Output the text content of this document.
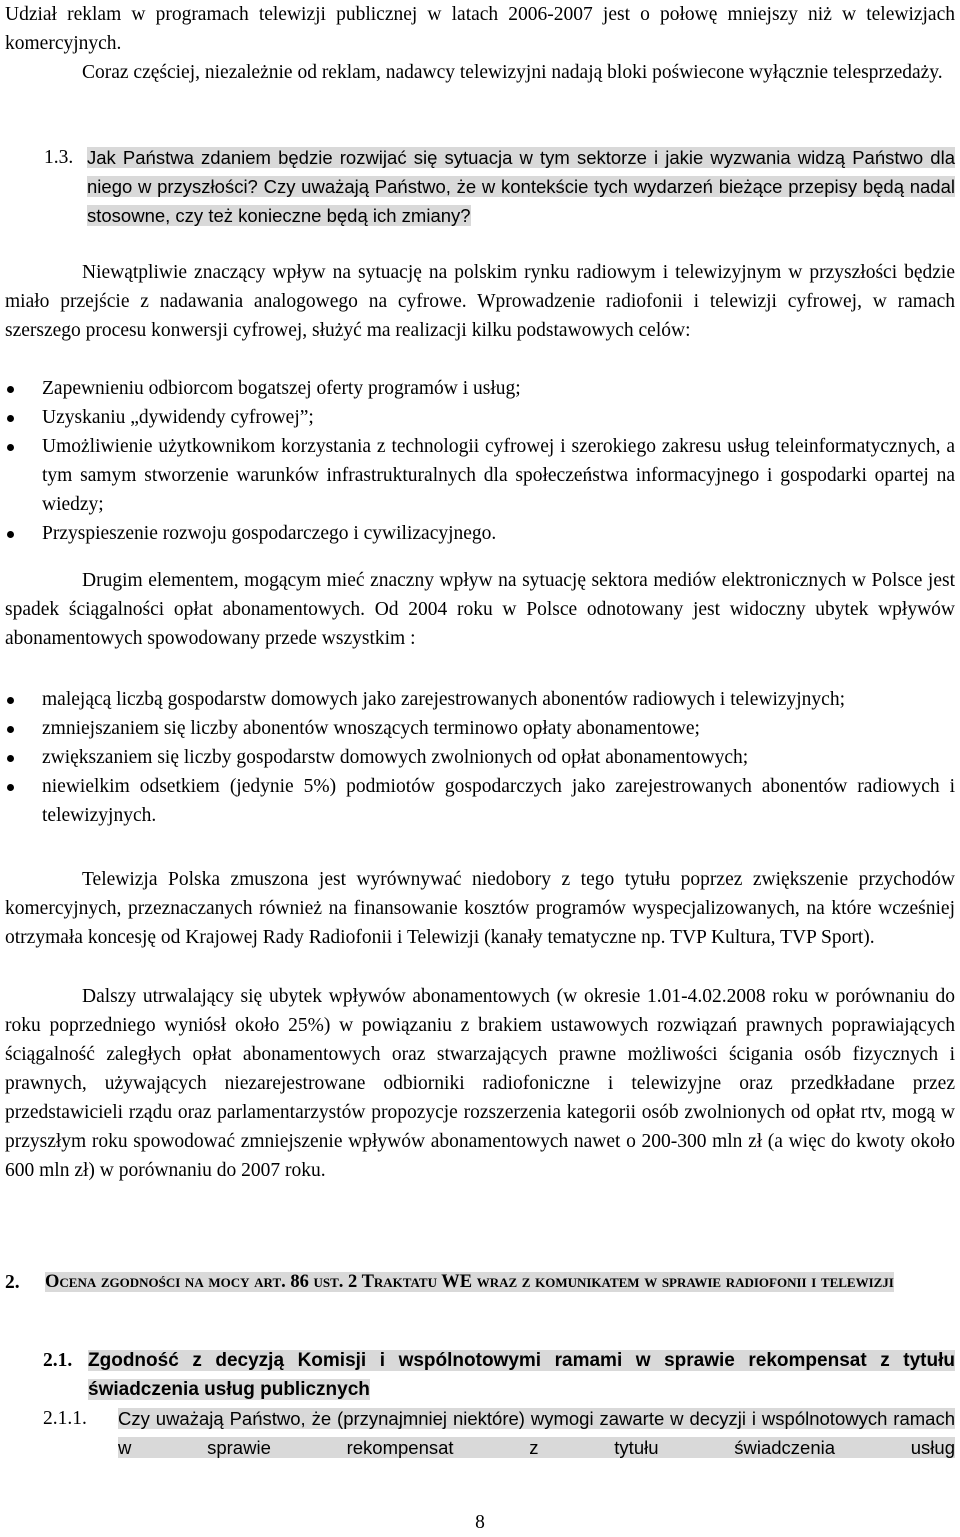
Udział reklam w programach telewizji publicznej w latach 2006-2007 jest o połowę mniejszy niż w telewizjach komercyjnych.
Coraz częściej, niezależnie od reklam, nadawcy telewizyjni nadają bloki poświecone wyłącznie telesprzedaży.
1.3. Jak Państwa zdaniem będzie rozwijać się sytuacja w tym sektorze i jakie wyzwania widzą Państwo dla niego w przyszłości? Czy uważają Państwo, że w kontekście tych wydarzeń bieżące przepisy będą nadal stosowne, czy też konieczne będą ich zmiany?
Niewątpliwie znaczący wpływ na sytuację na polskim rynku radiowym i telewizyjnym w przyszłości będzie miało przejście z nadawania analogowego na cyfrowe. Wprowadzenie radiofonii i telewizji cyfrowej, w ramach szerszego procesu konwersji cyfrowej, służyć ma realizacji kilku podstawowych celów:
Zapewnieniu odbiorcom bogatszej oferty programów i usług;
Uzyskaniu „dywidendy cyfrowej”;
Umożliwienie użytkownikom korzystania z technologii cyfrowej i szerokiego zakresu usług teleinformatycznych, a tym samym stworzenie warunków infrastrukturalnych dla społeczeństwa informacyjnego i gospodarki opartej na wiedzy;
Przyspieszenie rozwoju gospodarczego i cywilizacyjnego.
Drugim elementem, mogącym mieć znaczny wpływ na sytuację sektora mediów elektronicznych w Polsce jest spadek ściągalności opłat abonamentowych. Od 2004 roku w Polsce odnotowany jest widoczny ubytek wpływów abonamentowych spowodowany przede wszystkim :
malejącą liczbą gospodarstw domowych jako zarejestrowanych abonentów radiowych i telewizyjnych;
zmniejszaniem się liczby abonentów wnoszących terminowo opłaty abonamentowe;
zwiększaniem się liczby gospodarstw domowych zwolnionych od opłat abonamentowych;
niewielkim odsetkiem (jedynie 5%) podmiotów gospodarczych jako zarejestrowanych abonentów radiowych i telewizyjnych.
Telewizja Polska zmuszona jest wyrównywać niedobory z tego tytułu poprzez zwiększenie przychodów komercyjnych, przeznaczanych również na finansowanie kosztów programów wyspecjalizowanych, na które wcześniej otrzymała koncesję od Krajowej Rady Radiofonii i Telewizji (kanały tematyczne np. TVP Kultura, TVP Sport).
Dalszy utrwalający się ubytek wpływów abonamentowych (w okresie 1.01-4.02.2008 roku w porównaniu do roku poprzedniego wyniósł około 25%) w powiązaniu z brakiem ustawowych rozwiązań prawnych poprawiających ściągalność zaległych opłat abonamentowych oraz stwarzających prawne możliwości ścigania osób fizycznych i prawnych, używających niezarejestrowane odbiorniki radiofoniczne i telewizyjne oraz przedkładane przez przedstawicieli rządu oraz parlamentarzystów propozycje rozszerzenia kategorii osób zwolnionych od opłat rtv, mogą w przyszłym roku spowodować zmniejszenie wpływów abonamentowych nawet o 200-300 mln zł (a więc do kwoty około 600 mln zł) w porównaniu do 2007 roku.
2. Ocena zgodności na mocy art. 86 ust. 2 Traktatu WE wraz z komunikatem w sprawie radiofonii i telewizji
2.1. Zgodność z decyzją Komisji i wspólnotowymi ramami w sprawie rekompensat z tytułu świadczenia usług publicznych
2.1.1. Czy uważają Państwo, że (przynajmniej niektóre) wymogi zawarte w decyzji i wspólnotowych ramach w sprawie rekompensat z tytułu świadczenia usług
8
